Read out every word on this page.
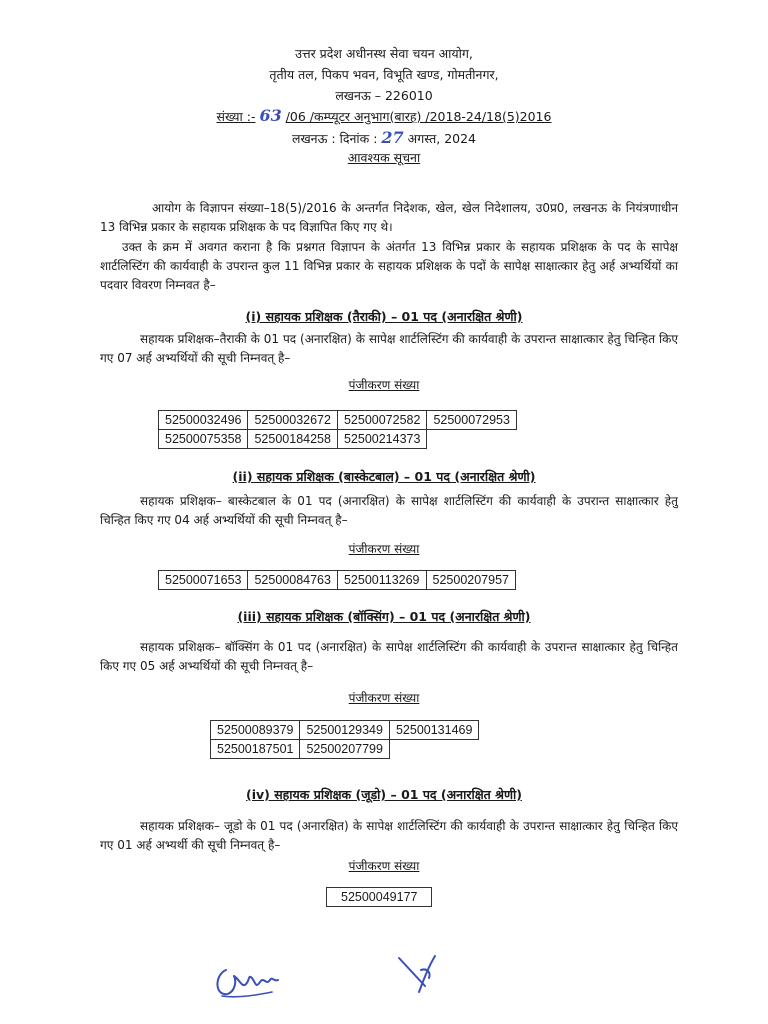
उत्तर प्रदेश अधीनस्थ सेवा चयन आयोग,
तृतीय तल, पिकप भवन, विभूति खण्ड, गोमतीनगर,
लखनऊ – 226010
संख्या :- 63 /06 /कम्प्यूटर अनुभाग(बारह) /2018-24/18(5)2016
लखनऊ : दिनांक : 27 अगस्त, 2024
आवश्यक सूचना
आयोग के विज्ञापन संख्या–18(5)/2016 के अन्तर्गत निदेशक, खेल, खेल निदेशालय, उ0प्र0, लखनऊ के नियंत्रणाधीन 13 विभिन्न प्रकार के सहायक प्रशिक्षक के पद विज्ञापित किए गए थे।
उक्त के क्रम में अवगत कराना है कि प्रश्नगत विज्ञापन के अंतर्गत 13 विभिन्न प्रकार के सहायक प्रशिक्षक के पद के सापेक्ष शार्टलिस्टिंग की कार्यवाही के उपरान्त कुल 11 विभिन्न प्रकार के सहायक प्रशिक्षक के पदों के सापेक्ष साक्षात्कार हेतु अर्ह अभ्यर्थियों का पदवार विवरण निम्नवत है–
(i) सहायक प्रशिक्षक (तैराकी) – 01 पद (अनारक्षित श्रेणी)
सहायक प्रशिक्षक–तैराकी के 01 पद (अनारक्षित) के सापेक्ष शार्टलिस्टिंग की कार्यवाही के उपरान्त साक्षात्कार हेतु चिन्हित किए गए 07 अर्ह अभ्यर्थियों की सूची निम्नवत् है–
पंजीकरण संख्या
52500032496	52500032672	52500072582	52500072953
52500075358	52500184258	52500214373	
(ii) सहायक प्रशिक्षक (बास्केटबाल) – 01 पद (अनारक्षित श्रेणी)
सहायक प्रशिक्षक– बास्केटबाल के 01 पद (अनारक्षित) के सापेक्ष शार्टलिस्टिंग की कार्यवाही के उपरान्त साक्षात्कार हेतु चिन्हित किए गए 04 अर्ह अभ्यर्थियों की सूची निम्नवत् है–
पंजीकरण संख्या
52500071653	52500084763	52500113269	52500207957
(iii) सहायक प्रशिक्षक (बॉक्सिंग) – 01 पद (अनारक्षित श्रेणी)
सहायक प्रशिक्षक– बॉक्सिंग के 01 पद (अनारक्षित) के सापेक्ष शार्टलिस्टिंग की कार्यवाही के उपरान्त साक्षात्कार हेतु चिन्हित किए गए 05 अर्ह अभ्यर्थियों की सूची निम्नवत् है–
पंजीकरण संख्या
52500089379	52500129349	52500131469
52500187501	52500207799	
(iv) सहायक प्रशिक्षक (जूडो) – 01 पद (अनारक्षित श्रेणी)
सहायक प्रशिक्षक– जूडो के 01 पद (अनारक्षित) के सापेक्ष शार्टलिस्टिंग की कार्यवाही के उपरान्त साक्षात्कार हेतु चिन्हित किए गए 01 अर्ह अभ्यर्थी की सूची निम्नवत् है–
पंजीकरण संख्या
52500049177
